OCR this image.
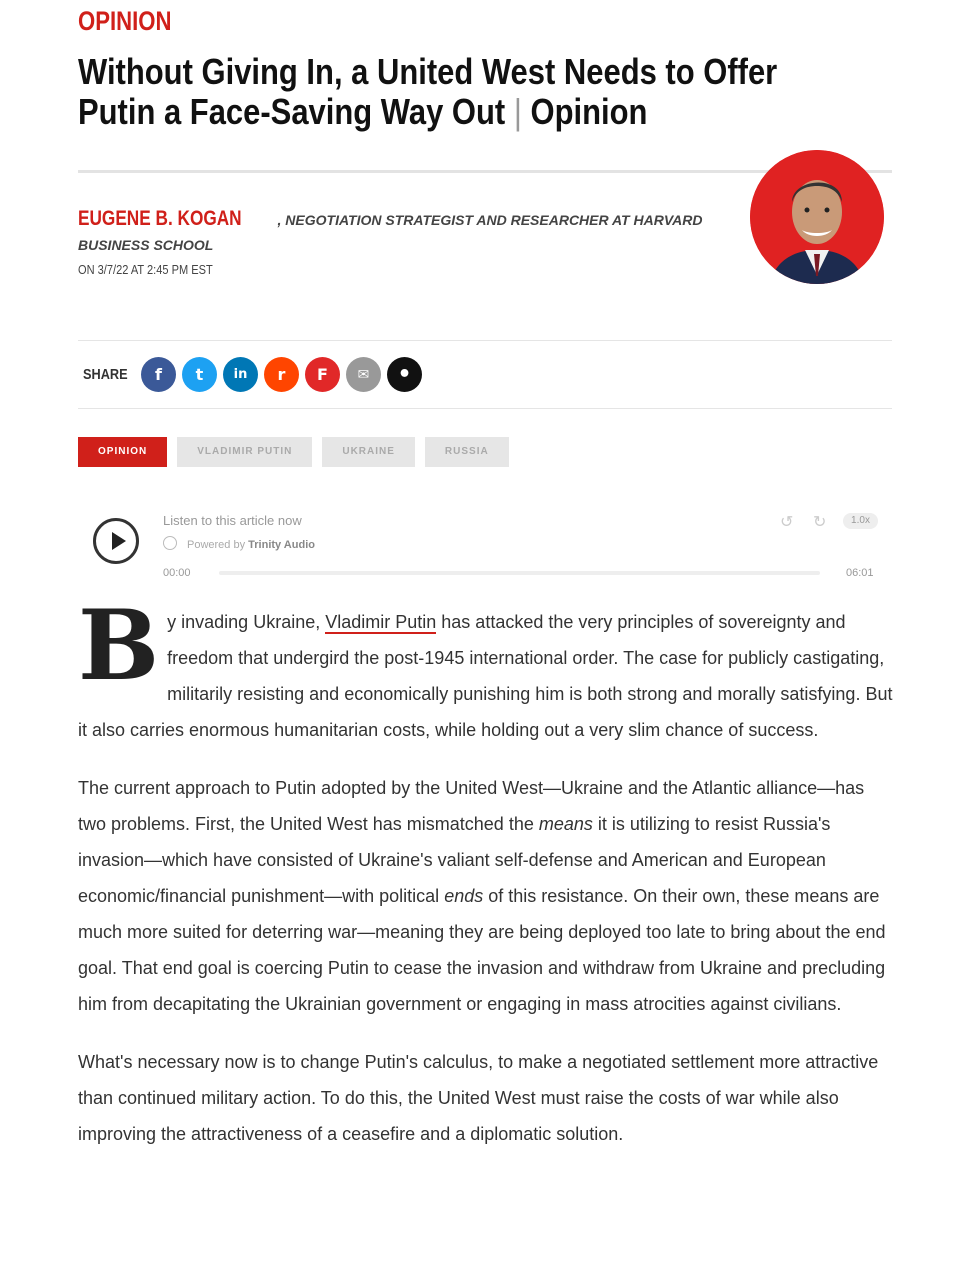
OPINION
Without Giving In, a United West Needs to Offer Putin a Face-Saving Way Out | Opinion
EUGENE B. KOGAN	, NEGOTIATION STRATEGIST AND RESEARCHER AT HARVARD BUSINESS SCHOOL
ON 3/7/22 AT 2:45 PM EST
SHARE f t in r F ✉ •
OPINION	VLADIMIR PUTIN	UKRAINE	RUSSIA
Listen to this article now
Powered by Trinity Audio
00:00	06:01
↺ ↻	1.0x

By invading Ukraine, Vladimir Putin has attacked the very principles of sovereignty and freedom that undergird the post-1945 international order. The case for publicly castigating, militarily resisting and economically punishing him is both strong and morally satisfying. But it also carries enormous humanitarian costs, while holding out a very slim chance of success.

The current approach to Putin adopted by the United West—Ukraine and the Atlantic alliance—has two problems. First, the United West has mismatched the means it is utilizing to resist Russia's invasion—which have consisted of Ukraine's valiant self-defense and American and European economic/financial punishment—with political ends of this resistance. On their own, these means are much more suited for deterring war—meaning they are being deployed too late to bring about the end goal. That end goal is coercing Putin to cease the invasion and withdraw from Ukraine and precluding him from decapitating the Ukrainian government or engaging in mass atrocities against civilians.

What's necessary now is to change Putin's calculus, to make a negotiated settlement more attractive than continued military action. To do this, the United West must raise the costs of war while also improving the attractiveness of a ceasefire and a diplomatic solution.
